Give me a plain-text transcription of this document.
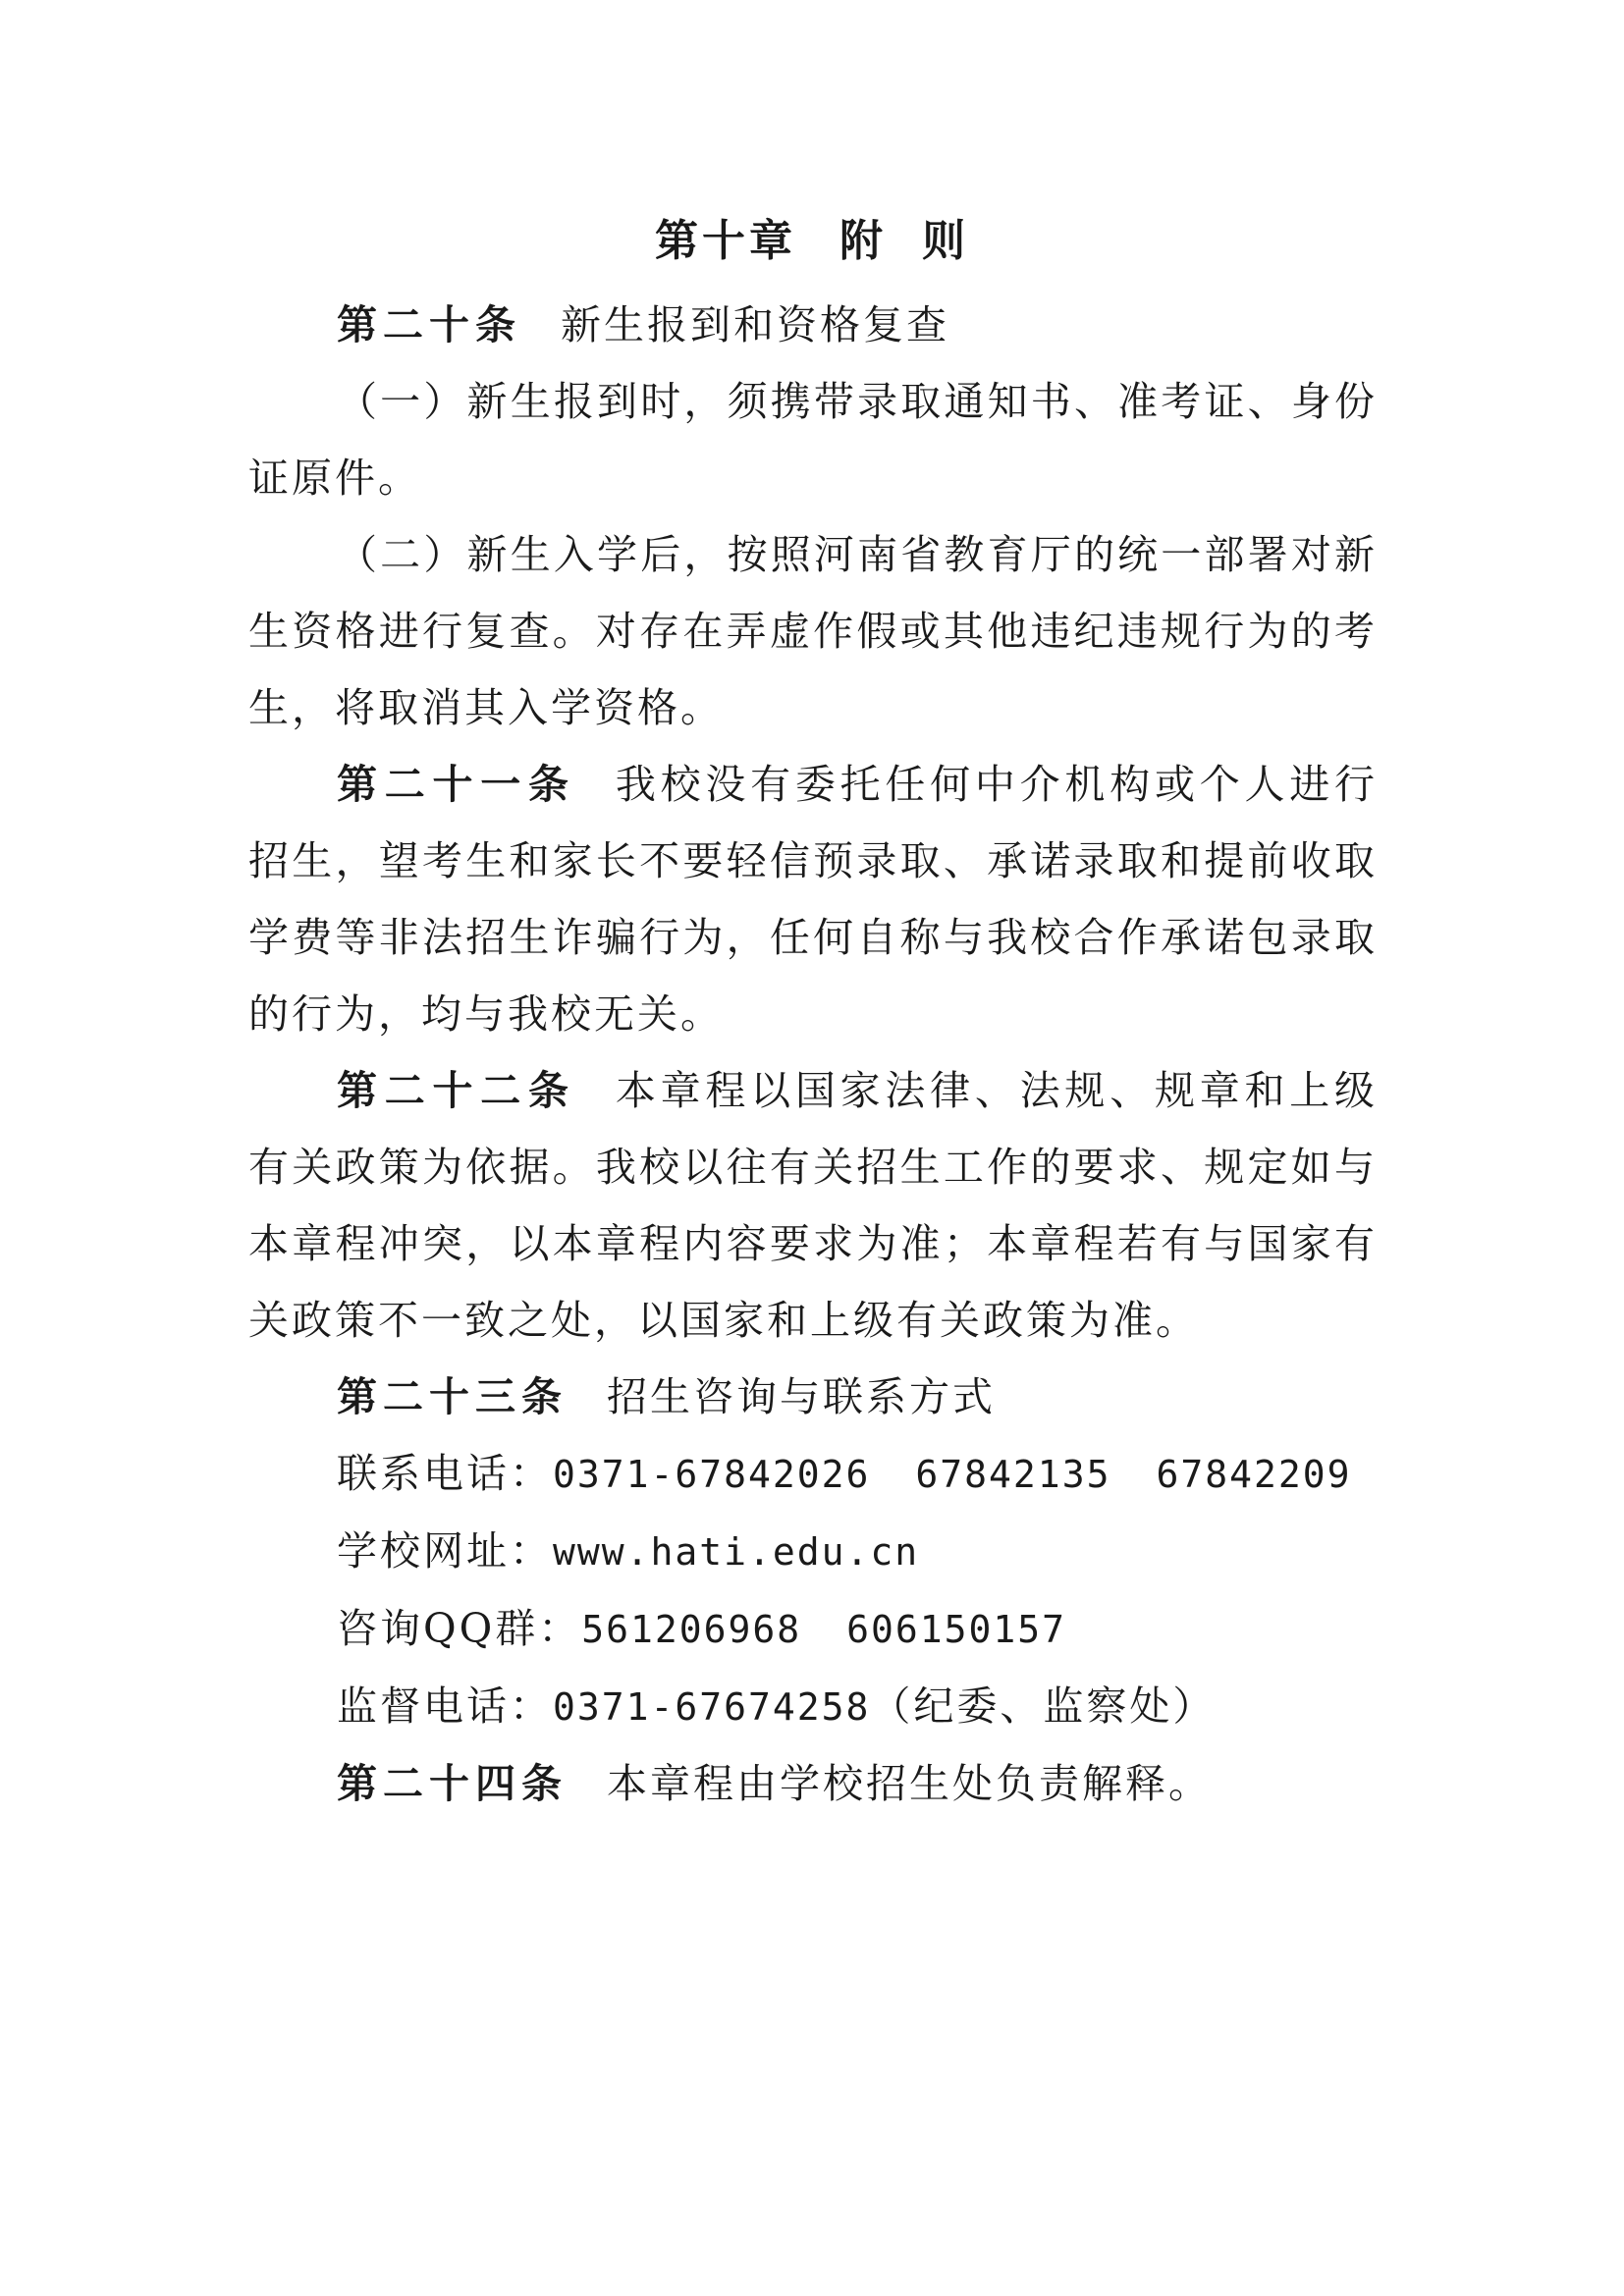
第十章 附 则

第二十条 新生报到和资格复查

（一）新生报到时，须携带录取通知书、准考证、身份证原件。

（二）新生入学后，按照河南省教育厅的统一部署对新生资格进行复查。对存在弄虚作假或其他违纪违规行为的考生，将取消其入学资格。

第二十一条 我校没有委托任何中介机构或个人进行招生，望考生和家长不要轻信预录取、承诺录取和提前收取学费等非法招生诈骗行为，任何自称与我校合作承诺包录取的行为，均与我校无关。

第二十二条 本章程以国家法律、法规、规章和上级有关政策为依据。我校以往有关招生工作的要求、规定如与本章程冲突，以本章程内容要求为准；本章程若有与国家有关政策不一致之处，以国家和上级有关政策为准。

第二十三条 招生咨询与联系方式

联系电话：0371-67842026 67842135 67842209

学校网址：www.hati.edu.cn

咨询QQ群：561206968 606150157

监督电话：0371-67674258（纪委、监察处）

第二十四条 本章程由学校招生处负责解释。
